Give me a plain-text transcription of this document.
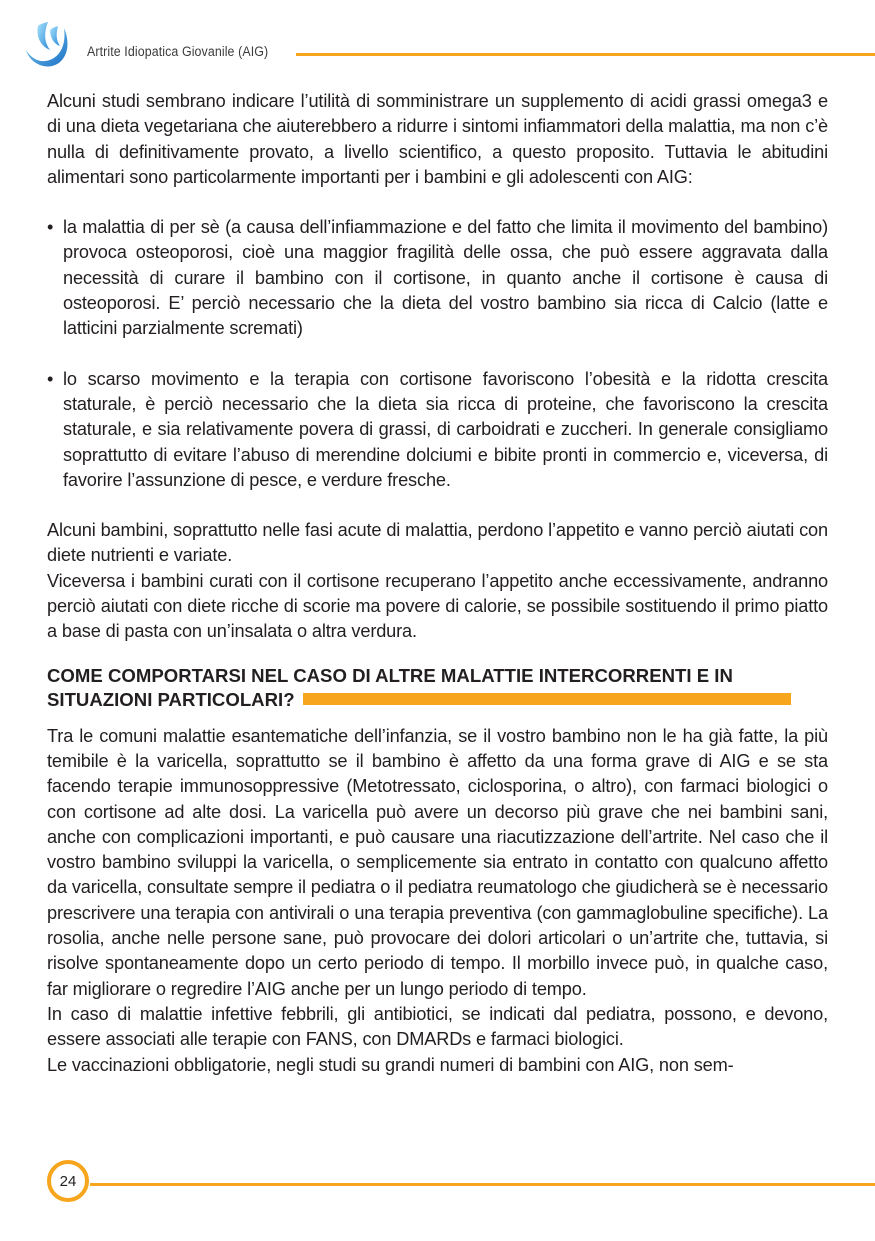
Artrite Idiopatica Giovanile (AIG)

Alcuni studi sembrano indicare l’utilità di somministrare un supplemento di acidi grassi omega3 e di una dieta vegetariana che aiuterebbero a ridurre i sintomi infiammatori della malattia, ma non c’è nulla di definitivamente provato, a livello scientifico, a questo proposito. Tuttavia le abitudini alimentari sono particolarmente importanti per i bambini e gli adolescenti con AIG:

• la malattia di per sè (a causa dell’infiammazione e del fatto che limita il movimento del bambino) provoca osteoporosi, cioè una maggior fragilità delle ossa, che può essere aggravata dalla necessità di curare il bambino con il cortisone, in quanto anche il cortisone è causa di osteoporosi. E’ perciò necessario che la dieta del vostro bambino sia ricca di Calcio (latte e latticini parzialmente scremati)

• lo scarso movimento e la terapia con cortisone favoriscono l’obesità e la ridotta crescita staturale, è perciò necessario che la dieta sia ricca di proteine, che favoriscono la crescita staturale, e sia relativamente povera di grassi, di carboidrati e zuccheri. In generale consigliamo soprattutto di evitare l’abuso di merendine dolciumi e bibite pronti in commercio e, viceversa, di favorire l’assunzione di pesce, e verdure fresche.

Alcuni bambini, soprattutto nelle fasi acute di malattia, perdono l’appetito e vanno perciò aiutati con diete nutrienti e variate.

Viceversa i bambini curati con il cortisone recuperano l’appetito anche eccessivamente, andranno perciò aiutati con diete ricche di scorie ma povere di calorie, se possibile sostituendo il primo piatto a base di pasta con un’insalata o altra verdura.

COME COMPORTARSI NEL CASO DI ALTRE MALATTIE INTERCORRENTI E IN
SITUAZIONI PARTICOLARI?

Tra le comuni malattie esantematiche dell’infanzia, se il vostro bambino non le ha già fatte, la più temibile è la varicella, soprattutto se il bambino è affetto da una forma grave di AIG e se sta facendo terapie immunosoppressive (Metotressato, ciclosporina, o altro), con farmaci biologici o con cortisone ad alte dosi. La varicella può avere un decorso più grave che nei bambini sani, anche con complicazioni importanti, e può causare una riacutizzazione dell’artrite. Nel caso che il vostro bambino sviluppi la varicella, o semplicemente sia entrato in contatto con qualcuno affetto da varicella, consultate sempre il pediatra o il pediatra reumatologo che giudicherà se è necessario prescrivere una terapia con antivirali o una terapia preventiva (con gammaglobuline specifiche). La rosolia, anche nelle persone sane, può provocare dei dolori articolari o un’artrite che, tuttavia, si risolve spontaneamente dopo un certo periodo di tempo. Il morbillo invece può, in qualche caso, far migliorare o regredire l’AIG anche per un lungo periodo di tempo.

In caso di malattie infettive febbrili, gli antibiotici, se indicati dal pediatra, possono, e devono, essere associati alle terapie con FANS, con DMARDs e farmaci biologici.

Le vaccinazioni obbligatorie, negli studi su grandi numeri di bambini con AIG, non sem-

24
